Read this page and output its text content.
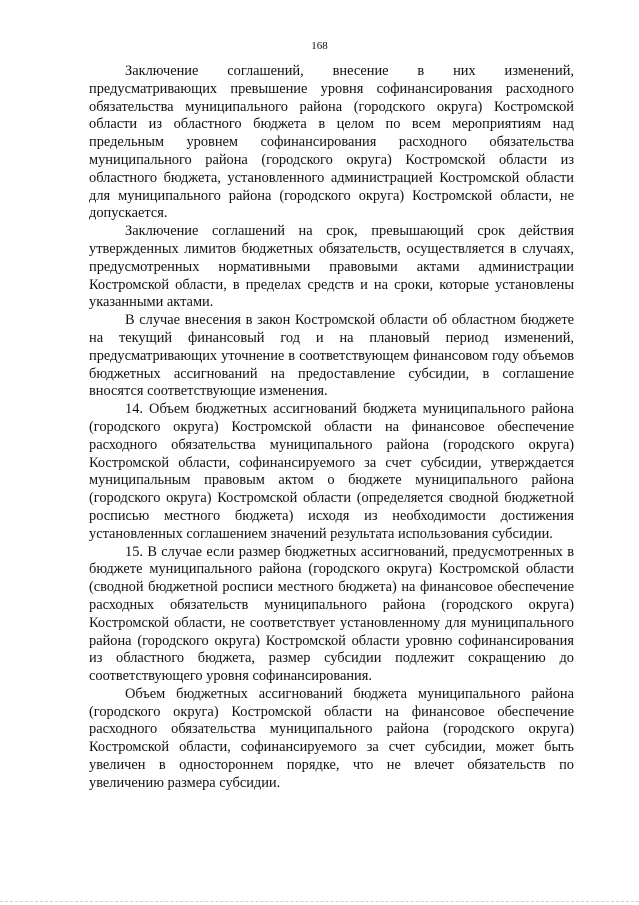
168

Заключение соглашений, внесение в них изменений, предусматривающих превышение уровня софинансирования расходного обязательства муниципального района (городского округа) Костромской области из областного бюджета в целом по всем мероприятиям над предельным уровнем софинансирования расходного обязательства муниципального района (городского округа) Костромской области из областного бюджета, установленного администрацией Костромской области для муниципального района (городского округа) Костромской области, не допускается.

Заключение соглашений на срок, превышающий срок действия утвержденных лимитов бюджетных обязательств, осуществляется в случаях, предусмотренных нормативными правовыми актами администрации Костромской области, в пределах средств и на сроки, которые установлены указанными актами.

В случае внесения в закон Костромской области об областном бюджете на текущий финансовый год и на плановый период изменений, предусматривающих уточнение в соответствующем финансовом году объемов бюджетных ассигнований на предоставление субсидии, в соглашение вносятся соответствующие изменения.

14. Объем бюджетных ассигнований бюджета муниципального района (городского округа) Костромской области на финансовое обеспечение расходного обязательства муниципального района (городского округа) Костромской области, софинансируемого за счет субсидии, утверждается муниципальным правовым актом о бюджете муниципального района (городского округа) Костромской области (определяется сводной бюджетной росписью местного бюджета) исходя из необходимости достижения установленных соглашением значений результата использования субсидии.

15. В случае если размер бюджетных ассигнований, предусмотренных в бюджете муниципального района (городского округа) Костромской области (сводной бюджетной росписи местного бюджета) на финансовое обеспечение расходных обязательств муниципального района (городского округа) Костромской области, не соответствует установленному для муниципального района (городского округа) Костромской области уровню софинансирования из областного бюджета, размер субсидии подлежит сокращению до соответствующего уровня софинансирования.

Объем бюджетных ассигнований бюджета муниципального района (городского округа) Костромской области на финансовое обеспечение расходного обязательства муниципального района (городского округа) Костромской области, софинансируемого за счет субсидии, может быть увеличен в одностороннем порядке, что не влечет обязательств по увеличению размера субсидии.
